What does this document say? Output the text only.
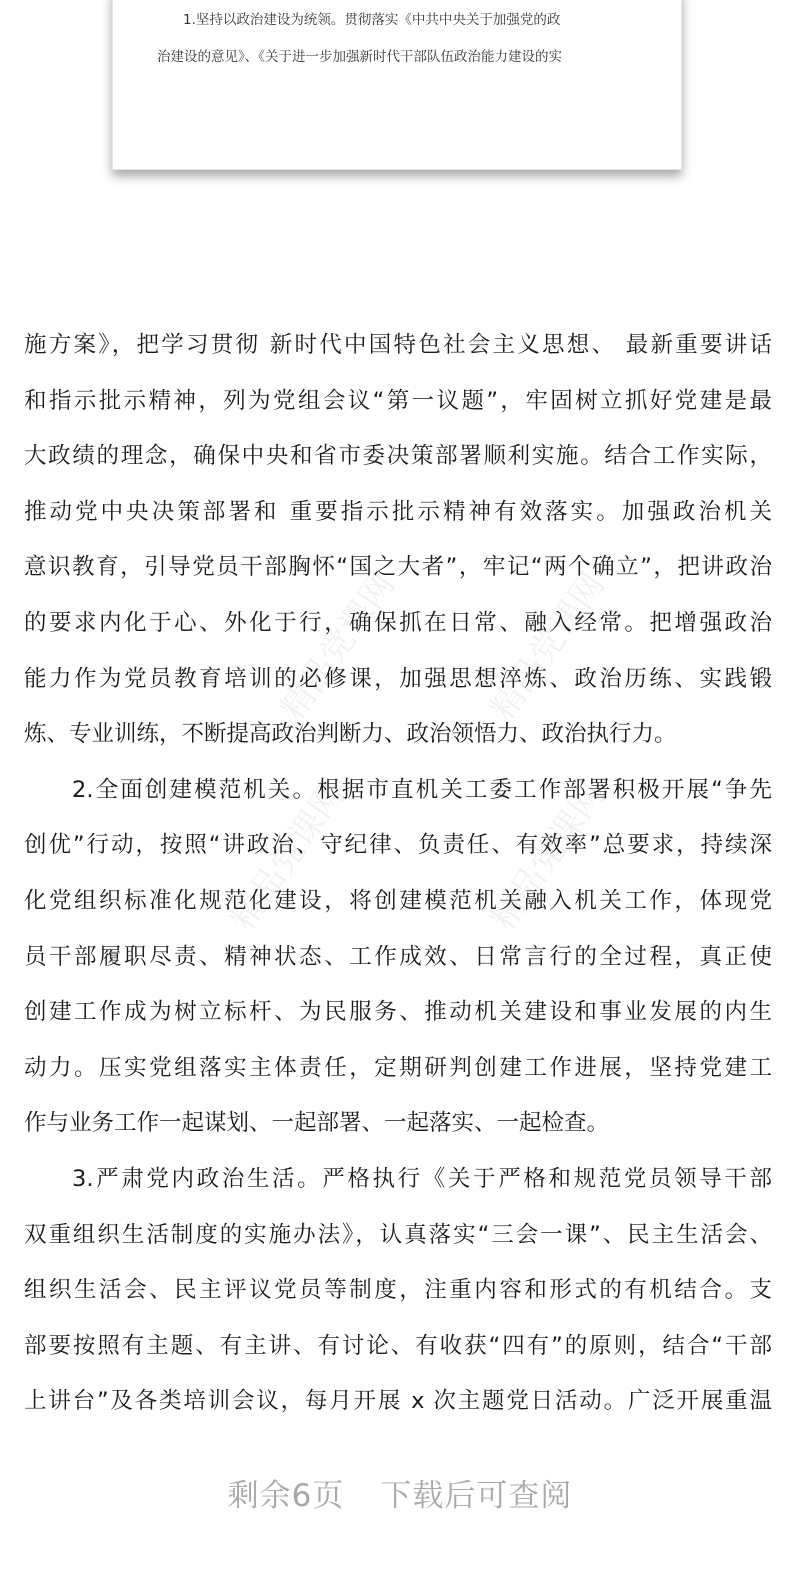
1.坚持以政治建设为统领。贯彻落实《中共中央关于加强党的政
治建设的意见》、《关于进一步加强新时代干部队伍政治能力建设的实
精品党课网 精品党课网
精品党课网	精品党课网
施方案》，把学习贯彻 新时代中国特色社会主义思想、 最新重要讲话
和指示批示精神，列为党组会议“第一议题”，牢固树立抓好党建是最
大政绩的理念，确保中央和省市委决策部署顺利实施。结合工作实际，
推动党中央决策部署和 重要指示批示精神有效落实。加强政治机关
意识教育，引导党员干部胸怀“国之大者”，牢记“两个确立”，把讲政治
的要求内化于心、外化于行，确保抓在日常、融入经常。把增强政治
能力作为党员教育培训的必修课，加强思想淬炼、政治历练、实践锻
炼、专业训练，不断提高政治判断力、政治领悟力、政治执行力。
2.全面创建模范机关。根据市直机关工委工作部署积极开展“争先
创优”行动，按照“讲政治、守纪律、负责任、有效率”总要求，持续深
化党组织标准化规范化建设，将创建模范机关融入机关工作，体现党
员干部履职尽责、精神状态、工作成效、日常言行的全过程，真正使
创建工作成为树立标杆、为民服务、推动机关建设和事业发展的内生
动力。压实党组落实主体责任，定期研判创建工作进展，坚持党建工
作与业务工作一起谋划、一起部署、一起落实、一起检查。
3.严肃党内政治生活。严格执行《关于严格和规范党员领导干部
双重组织生活制度的实施办法》，认真落实“三会一课”、民主生活会、
组织生活会、民主评议党员等制度，注重内容和形式的有机结合。支
部要按照有主题、有主讲、有讨论、有收获“四有”的原则，结合“干部
上讲台”及各类培训会议，每月开展 x 次主题党日活动。广泛开展重温
剩余6页 下载后可查阅
